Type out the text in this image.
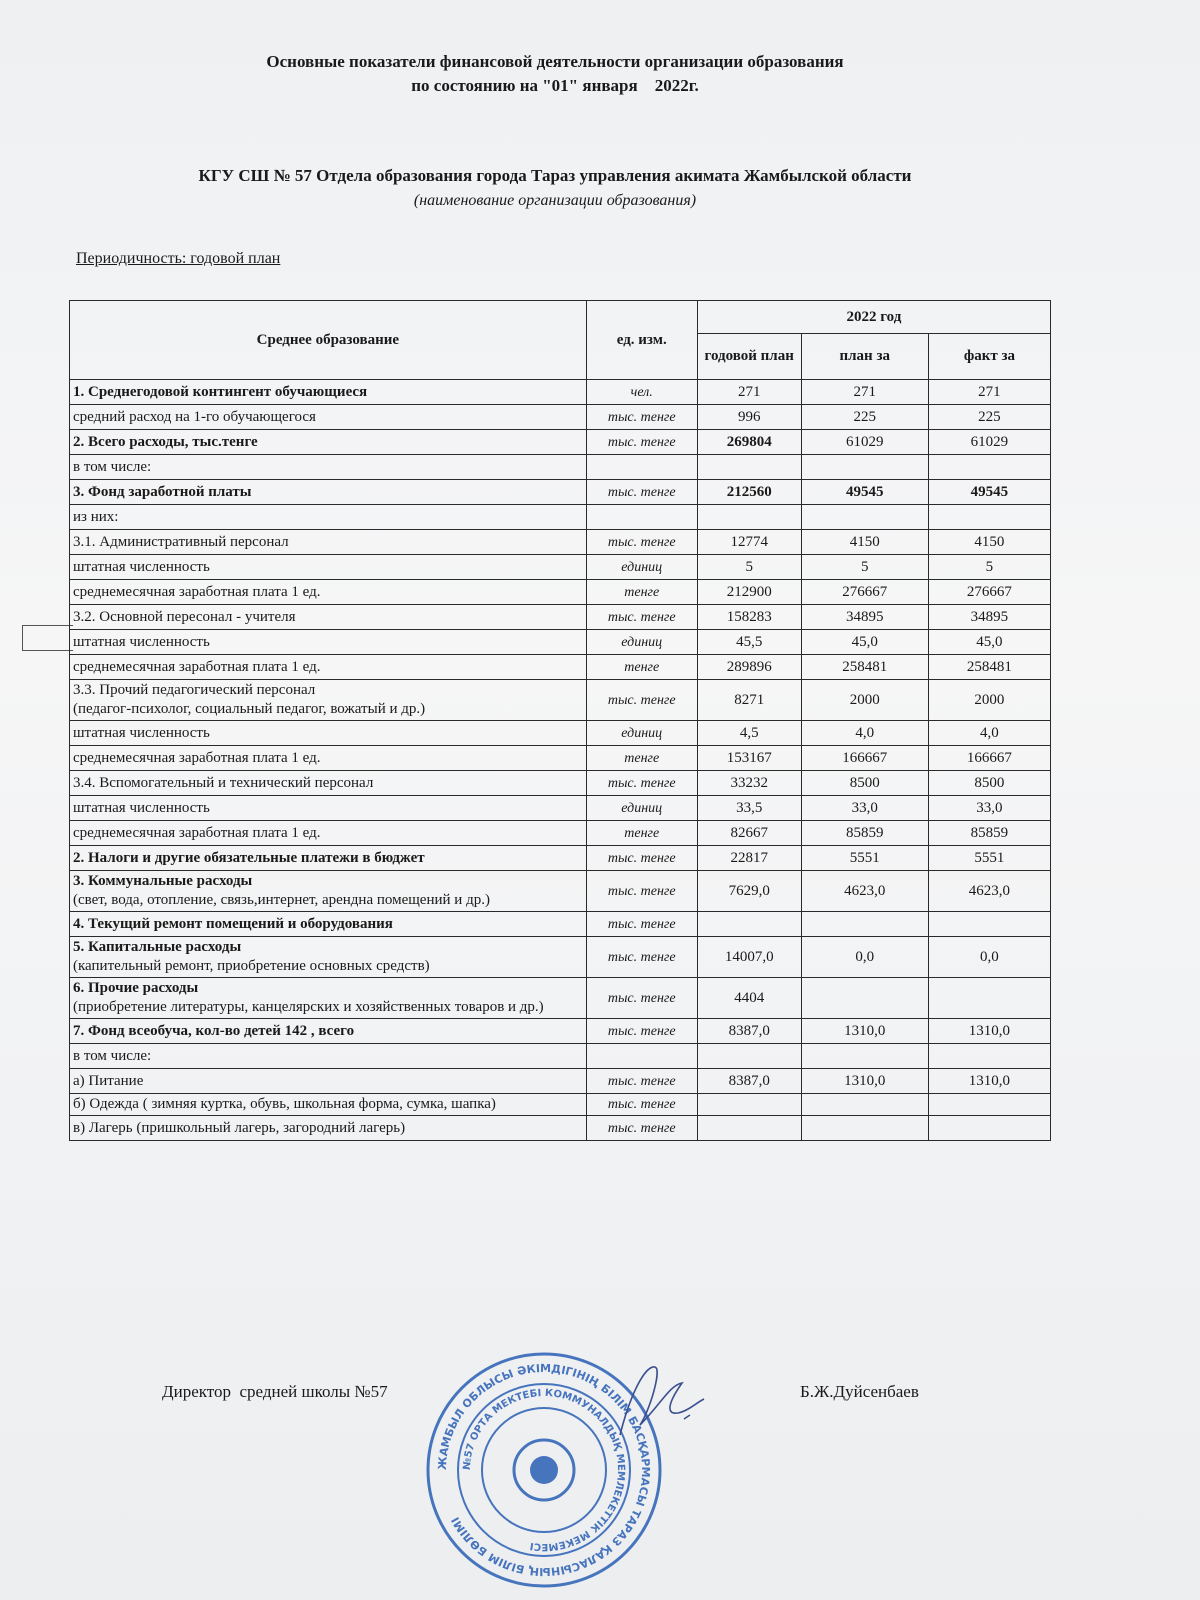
Основные показатели финансовой деятельности организации образования
по состоянию на "01" января    2022г.
КГУ СШ № 57 Отдела образования города Тараз управления акимата Жамбылской области
(наименование организации образования)
Периодичность: годовой план
Среднее образование	ед. изм.	2022 год		
		годовой план	план за	факт за
1. Среднегодовой контингент обучающиеся	чел.	271	271	271
средний расход на 1-го обучающегося	тыс. тенге	996	225	225
2. Всего расходы, тыс.тенге	тыс. тенге	269804	61029	61029
в том числе:				
3. Фонд заработной платы	тыс. тенге	212560	49545	49545
из них:				
3.1. Административный персонал	тыс. тенге	12774	4150	4150
штатная численность	единиц	5	5	5
среднемесячная заработная плата 1 ед.	тенге	212900	276667	276667
3.2. Основной пересонал - учителя	тыс. тенге	158283	34895	34895
штатная численность	единиц	45,5	45,0	45,0
среднемесячная заработная плата 1 ед.	тенге	289896	258481	258481
3.3. Прочий педагогический персонал
(педагог-психолог, социальный педагог, вожатый и др.)	тыс. тенге	8271	2000	2000
штатная численность	единиц	4,5	4,0	4,0
среднемесячная заработная плата 1 ед.	тенге	153167	166667	166667
3.4. Вспомогательный и технический персонал	тыс. тенге	33232	8500	8500
штатная численность	единиц	33,5	33,0	33,0
среднемесячная заработная плата 1 ед.	тенге	82667	85859	85859
2. Налоги и другие обязательные платежи в бюджет	тыс. тенге	22817	5551	5551
3. Коммунальные расходы
(свет, вода, отопление, связь,интернет, арендна помещений и др.)	тыс. тенге	7629,0	4623,0	4623,0
4. Текущий ремонт помещений и оборудования	тыс. тенге			
5. Капитальные расходы
(капительный ремонт, приобретение основных средств)	тыс. тенге	14007,0	0,0	0,0
6. Прочие расходы
(приобретение литературы, канцелярских и хозяйственных товаров и др.)	тыс. тенге	4404		
7. Фонд всеобуча, кол-во детей 142 , всего	тыс. тенге	8387,0	1310,0	1310,0
в том числе:				
а) Питание	тыс. тенге	8387,0	1310,0	1310,0
б) Одежда ( зимняя куртка, обувь, школьная форма, сумка, шапка)	тыс. тенге			
в) Лагерь (пришкольный лагерь, загородний лагерь)	тыс. тенге			
Директор  средней школы №57	Б.Ж.Дуйсенбаев
ЖАМБЫЛ ОБЛЫСЫ ӘКІМДІГІНІҢ БІЛІМ БАСҚАРМАСЫ ТАРАЗ ҚАЛАСЫНЫҢ БІЛІМ БӨЛІМІ
№57 ОРТА МЕКТЕБІ КОММУНАЛДЫҚ МЕМЛЕКЕТТІК МЕКЕМЕСІ
